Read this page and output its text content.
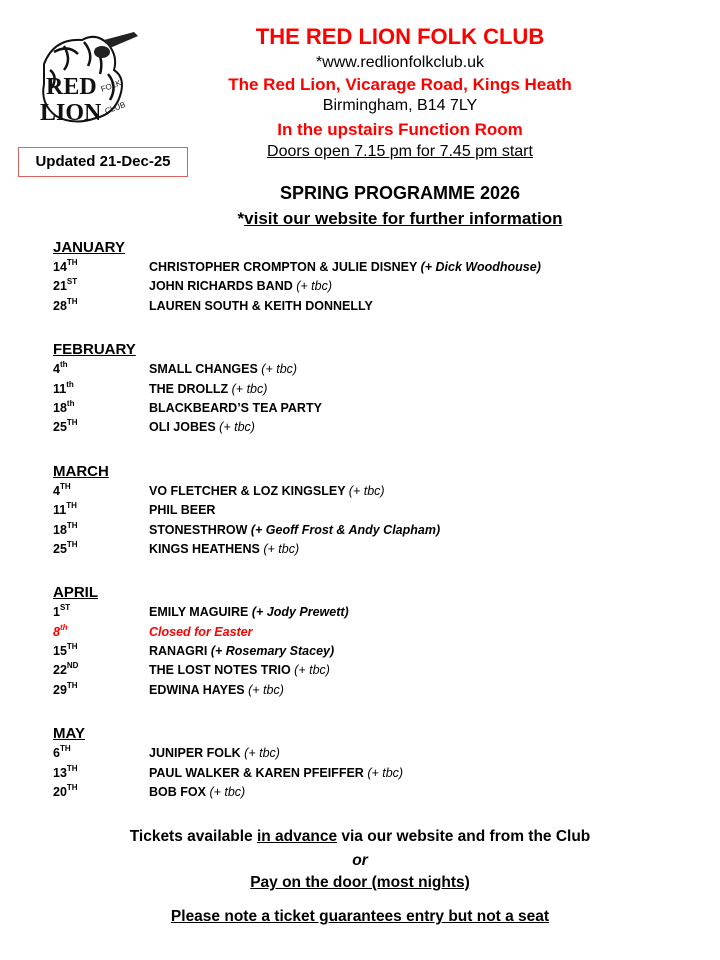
RED
LION
FOLK
CLUB
THE RED LION FOLK CLUB
*www.redlionfolkclub.uk
The Red Lion, Vicarage Road, Kings Heath
Birmingham, B14 7LY
In the upstairs Function Room
Doors open 7.15 pm for 7.45 pm start
Updated 21-Dec-25
SPRING PROGRAMME 2026
*visit our website for further information
JANUARY
14TH	CHRISTOPHER CROMPTON & JULIE DISNEY (+ Dick Woodhouse)
21ST	JOHN RICHARDS BAND (+ tbc)
28TH	LAUREN SOUTH & KEITH DONNELLY
FEBRUARY
4th	SMALL CHANGES (+ tbc)
11th	THE DROLLZ (+ tbc)
18th	BLACKBEARD’S TEA PARTY
25TH	OLI JOBES (+ tbc)
MARCH
4TH	VO FLETCHER & LOZ KINGSLEY (+ tbc)
11TH	PHIL BEER
18TH	STONESTHROW (+ Geoff Frost & Andy Clapham)
25TH	KINGS HEATHENS (+ tbc)
APRIL
1ST	EMILY MAGUIRE (+ Jody Prewett)
8th	Closed for Easter
15TH	RANAGRI (+ Rosemary Stacey)
22ND	THE LOST NOTES TRIO (+ tbc)
29TH	EDWINA HAYES (+ tbc)
MAY
6TH	JUNIPER FOLK (+ tbc)
13TH	PAUL WALKER & KAREN PFEIFFER (+ tbc)
20TH	BOB FOX (+ tbc)
Tickets available in advance via our website and from the Club
or
Pay on the door (most nights)
Please note a ticket guarantees entry but not a seat
